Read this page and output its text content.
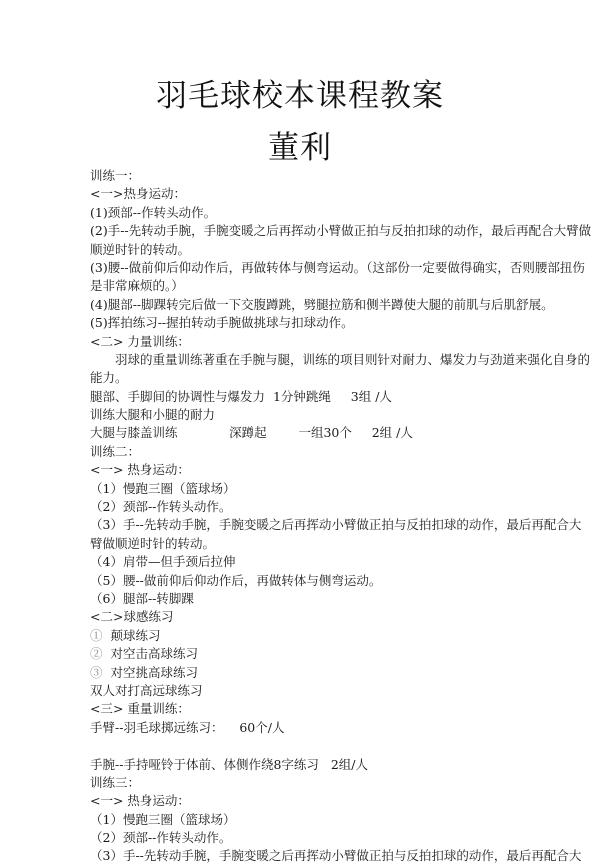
羽毛球校本课程教案
董利
训练一：
<一>热身运动：
(1)颈部--作转头动作。
(2)手--先转动手腕，手腕变暖之后再挥动小臂做正拍与反拍扣球的动作，最后再配合大臂做
顺逆时针的转动。
(3)腰--做前仰后仰动作后，再做转体与侧弯运动。（这部份一定要做得确实，否则腰部扭伤
是非常麻烦的。）
(4)腿部--脚踝转完后做一下交腹蹲跳，劈腿拉筋和侧半蹲使大腿的前肌与后肌舒展。
(5)挥拍练习--握拍转动手腕做挑球与扣球动作。
<二> 力量训练：
羽球的重量训练著重在手腕与腿，训练的项目则针对耐力、爆发力与劲道来强化自身的
能力。
腿部、手脚间的协调性与爆发力  1分钟跳绳     3组 /人
训练大腿和小腿的耐力
大腿与膝盖训练             深蹲起        一组30个     2组 /人
训练二：
<一> 热身运动：
（1）慢跑三圈（篮球场）
（2）颈部--作转头动作。
（3）手--先转动手腕，手腕变暖之后再挥动小臂做正拍与反拍扣球的动作，最后再配合大
臂做顺逆时针的转动。
（4）肩带—但手颈后拉伸
（5）腰--做前仰后仰动作后，再做转体与侧弯运动。
（6）腿部--转脚踝
<二>球感练习
①  颠球练习
②  对空击高球练习
③  对空挑高球练习
双人对打高远球练习
<三> 重量训练：
手臂--羽毛球掷远练习：    60个/人
手腕--手持哑铃于体前、体侧作绕8字练习   2组/人
训练三：
<一> 热身运动：
（1）慢跑三圈（篮球场）
（2）颈部--作转头动作。
（3）手--先转动手腕，手腕变暖之后再挥动小臂做正拍与反拍扣球的动作，最后再配合大
